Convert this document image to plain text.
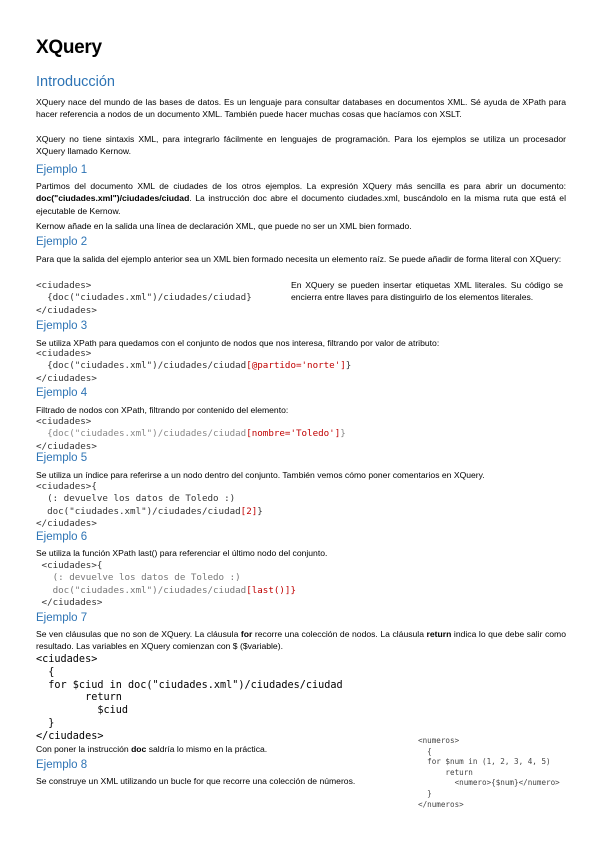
XQuery
Introducción

XQuery nace del mundo de las bases de datos. Es un lenguaje para consultar databases en documentos XML. Sé ayuda de XPath para hacer referencia a nodos de un documento XML. También puede hacer muchas cosas que hacíamos con XSLT.

XQuery no tiene sintaxis XML, para integrarlo fácilmente en lenguajes de programación. Para los ejemplos se utiliza un procesador XQuery llamado Kernow.

Ejemplo 1

Partimos del documento XML de ciudades de los otros ejemplos. La expresión XQuery más sencilla es para abrir un documento: doc("ciudades.xml")/ciudades/ciudad. La instrucción doc abre el documento ciudades.xml, buscándolo en la misma ruta que está el ejecutable de Kernow.

Kernow añade en la salida una línea de declaración XML, que puede no ser un XML bien formado.

Ejemplo 2

Para que la salida del ejemplo anterior sea un XML bien formado necesita un elemento raíz. Se puede añadir de forma literal con XQuery:

<ciudades>
{doc("ciudades.xml")/ciudades/ciudad}
</ciudades>

En XQuery se pueden insertar etiquetas XML literales. Su código se encierra entre llaves para distinguirlo de los elementos literales.

Ejemplo 3

Se utiliza XPath para quedamos con el conjunto de nodos que nos interesa, filtrando por valor de atributo:

<ciudades>
{doc("ciudades.xml")/ciudades/ciudad[@partido='norte']}
</ciudades>
Ejemplo 4

Filtrado de nodos con XPath, filtrando por contenido del elemento:

<ciudades>
{doc("ciudades.xml")/ciudades/ciudad[nombre='Toledo']}
</ciudades>
Ejemplo 5

Se utiliza un índice para referirse a un nodo dentro del conjunto. También vemos cómo poner comentarios en XQuery.

<ciudades>{
(: devuelve los datos de Toledo :)
doc("ciudades.xml")/ciudades/ciudad[2]}
</ciudades>
Ejemplo 6

Se utiliza la función XPath last() para referenciar el último nodo del conjunto.

<ciudades>{
(: devuelve los datos de Toledo :)
doc("ciudades.xml")/ciudades/ciudad[last()]}
</ciudades>
Ejemplo 7

Se ven cláusulas que no son de XQuery. La cláusula for recorre una colección de nodos. La cláusula return indica lo que debe salir como resultado. Las variables en XQuery comienzan con $ ($variable).

<ciudades>
{
for $ciud in doc("ciudades.xml")/ciudades/ciudad
return
$ciud
}
</ciudades>

Con poner la instrucción doc saldría lo mismo en la práctica.

Ejemplo 8

Se construye un XML utilizando un bucle for que recorre una colección de números.

<numeros>
{
for $num in (1, 2, 3, 4, 5)
return
<numero>{$num}</numero>
}
</numeros>
